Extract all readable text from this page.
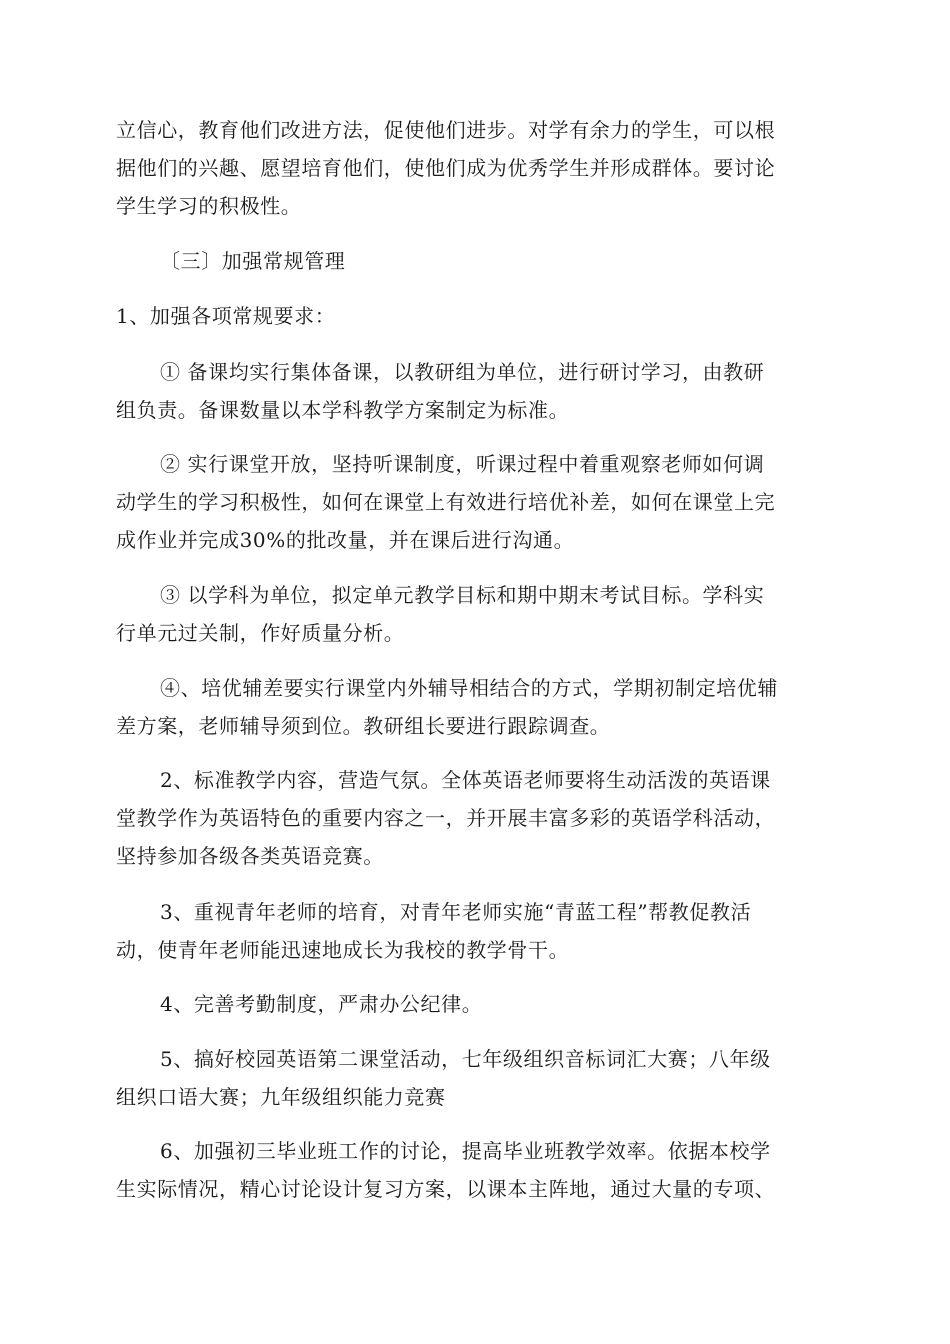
立信心，教育他们改进方法，促使他们进步。对学有余力的学生，可以根
据他们的兴趣、愿望培育他们，使他们成为优秀学生并形成群体。要讨论
学生学习的积极性。

〔三〕加强常规管理

1、加强各项常规要求：

① 备课均实行集体备课，以教研组为单位，进行研讨学习，由教研
组负责。备课数量以本学科教学方案制定为标准。

② 实行课堂开放，坚持听课制度，听课过程中着重观察老师如何调
动学生的学习积极性，如何在课堂上有效进行培优补差，如何在课堂上完
成作业并完成30%的批改量，并在课后进行沟通。

③ 以学科为单位，拟定单元教学目标和期中期末考试目标。学科实
行单元过关制，作好质量分析。

④、培优辅差要实行课堂内外辅导相结合的方式，学期初制定培优辅
差方案，老师辅导须到位。教研组长要进行跟踪调查。

2、标准教学内容，营造气氛。全体英语老师要将生动活泼的英语课
堂教学作为英语特色的重要内容之一，并开展丰富多彩的英语学科活动，
坚持参加各级各类英语竞赛。

3、重视青年老师的培育，对青年老师实施“青蓝工程”帮教促教活
动，使青年老师能迅速地成长为我校的教学骨干。

4、完善考勤制度，严肃办公纪律。

5、搞好校园英语第二课堂活动，七年级组织音标词汇大赛；八年级
组织口语大赛；九年级组织能力竞赛

6、加强初三毕业班工作的讨论，提高毕业班教学效率。依据本校学
生实际情况，精心讨论设计复习方案，以课本主阵地，通过大量的专项、
